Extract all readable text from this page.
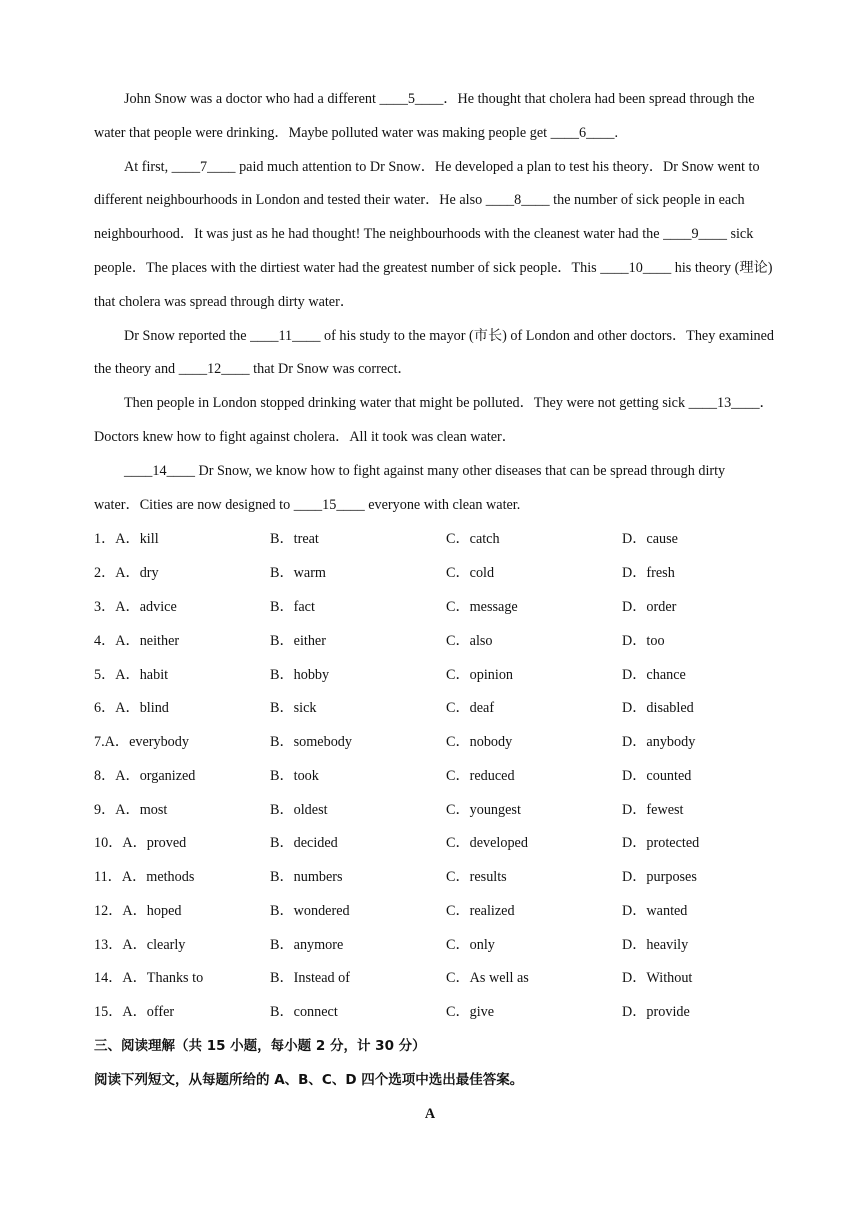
John Snow was a doctor who had a different ____5____．He thought that cholera had been spread through the water that people were drinking．Maybe polluted water was making people get ____6____.

At first, ____7____ paid much attention to Dr Snow．He developed a plan to test his theory．Dr Snow went to different neighbourhoods in London and tested their water．He also ____8____ the number of sick people in each neighbourhood．It was just as he had thought! The neighbourhoods with the cleanest water had the ____9____ sick people．The places with the dirtiest water had the greatest number of sick people．This ____10____ his theory (理论) that cholera was spread through dirty water．

Dr Snow reported the ____11____ of his study to the mayor (市长) of London and other doctors．They examined the theory and ____12____ that Dr Snow was correct．

Then people in London stopped drinking water that might be polluted．They were not getting sick ____13____．Doctors knew how to fight against cholera．All it took was clean water．

____14____ Dr Snow, we know how to fight against many other diseases that can be spread through dirty water．Cities are now designed to ____15____ everyone with clean water.

1．A．kill	B．treat	C．catch	D．cause
2．A．dry	B．warm	C．cold	D．fresh
3．A．advice	B．fact	C．message	D．order
4．A．neither	B．either	C．also	D．too
5．A．habit	B．hobby	C．opinion	D．chance
6．A．blind	B．sick	C．deaf	D．disabled
7.A．everybody	B．somebody	C．nobody	D．anybody
8．A．organized	B．took	C．reduced	D．counted
9．A．most	B．oldest	C．youngest	D．fewest
10．A．proved	B．decided	C．developed	D．protected
11．A．methods	B．numbers	C．results	D．purposes
12．A．hoped	B．wondered	C．realized	D．wanted
13．A．clearly	B．anymore	C．only	D．heavily
14．A．Thanks to	B．Instead of	C．As well as	D．Without
15．A．offer	B．connect	C．give	D．provide
三、阅读理解（共 15 小题，每小题 2 分，计 30 分）
阅读下列短文，从每题所给的 A、B、C、D 四个选项中选出最佳答案。
A
